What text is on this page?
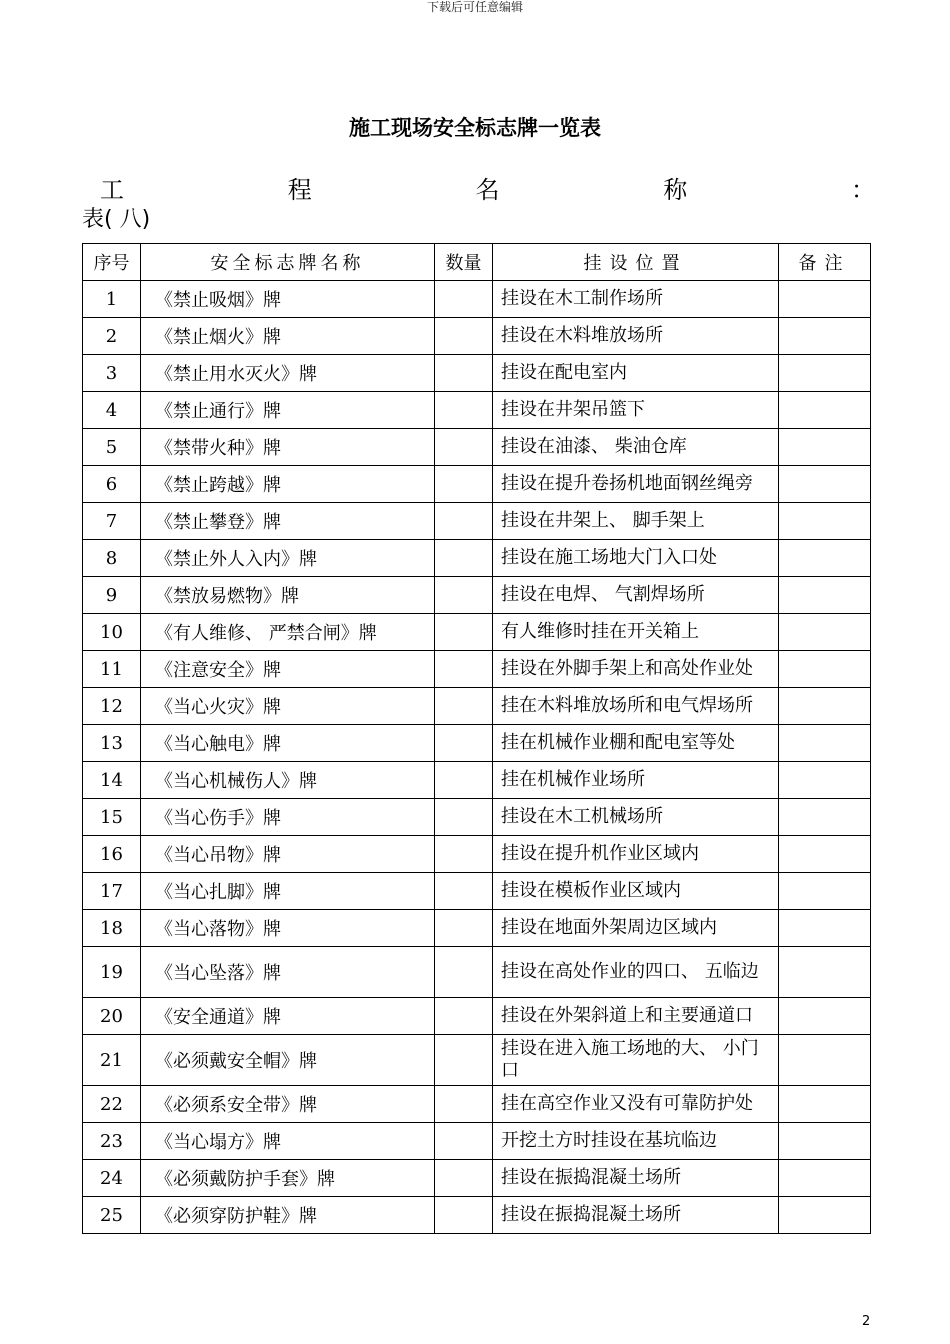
下载后可任意编辑
施工现场安全标志牌一览表
工	程	名	称	：
表( 八)
序号	安全标志牌名称	数量	挂设位置	备注
1	《禁止吸烟》牌		挂设在木工制作场所	
2	《禁止烟火》牌		挂设在木料堆放场所	
3	《禁止用水灭火》牌		挂设在配电室内	
4	《禁止通行》牌		挂设在井架吊篮下	
5	《禁带火种》牌		挂设在油漆、 柴油仓库	
6	《禁止跨越》牌		挂设在提升卷扬机地面钢丝绳旁	
7	《禁止攀登》牌		挂设在井架上、 脚手架上	
8	《禁止外人入内》牌		挂设在施工场地大门入口处	
9	《禁放易燃物》牌		挂设在电焊、 气割焊场所	
10	《有人维修、 严禁合闸》牌		有人维修时挂在开关箱上	
11	《注意安全》牌		挂设在外脚手架上和高处作业处	
12	《当心火灾》牌		挂在木料堆放场所和电气焊场所	
13	《当心触电》牌		挂在机械作业棚和配电室等处	
14	《当心机械伤人》牌		挂在机械作业场所	
15	《当心伤手》牌		挂设在木工机械场所	
16	《当心吊物》牌		挂设在提升机作业区域内	
17	《当心扎脚》牌		挂设在模板作业区域内	
18	《当心落物》牌		挂设在地面外架周边区域内	
19	《当心坠落》牌		挂设在高处作业的四口、 五临边	
20	《安全通道》牌		挂设在外架斜道上和主要通道口	
21	《必须戴安全帽》牌		挂设在进入施工场地的大、 小门口	
22	《必须系安全带》牌		挂在高空作业又没有可靠防护处	
23	《当心塌方》牌		开挖土方时挂设在基坑临边	
24	《必须戴防护手套》牌		挂设在振捣混凝土场所	
25	《必须穿防护鞋》牌		挂设在振捣混凝土场所	
2
